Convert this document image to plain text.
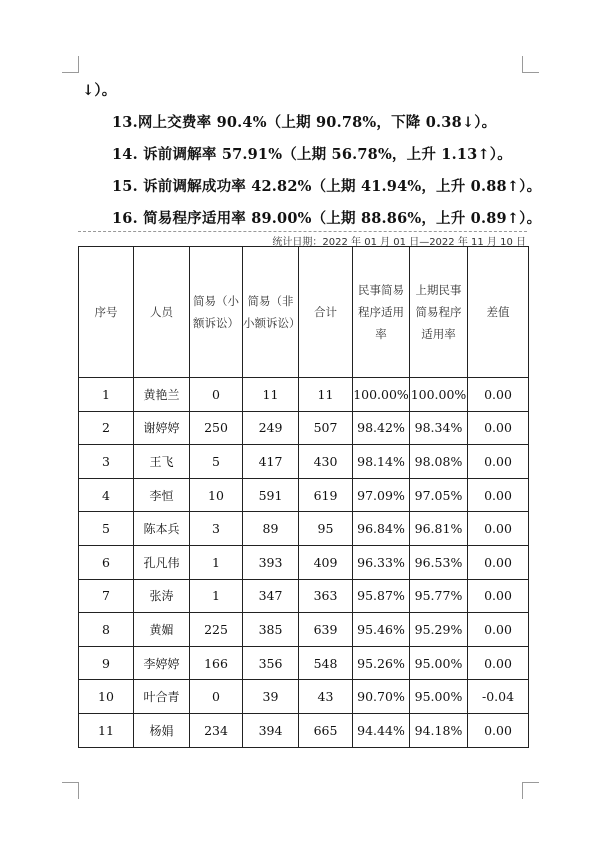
↓）。
13.网上交费率 90.4%（上期 90.78%，下降 0.38↓）。
14. 诉前调解率 57.91%（上期 56.78%，上升 1.13↑）。
15. 诉前调解成功率 42.82%（上期 41.94%，上升 0.88↑）。
16. 简易程序适用率 89.00%（上期 88.86%，上升 0.89↑）。
统计日期：2022 年 01 月 01 日—2022 年 11 月 10 日
序号	人员	简易（小额诉讼）	简易（非小额诉讼）	合计	民事简易程序适用率	上期民事简易程序适用率	差值
1	黄艳兰	0	11	11	100.00%	100.00%	0.00
2	谢婷婷	250	249	507	98.42%	98.34%	0.00
3	王飞	5	417	430	98.14%	98.08%	0.00
4	李恒	10	591	619	97.09%	97.05%	0.00
5	陈本兵	3	89	95	96.84%	96.81%	0.00
6	孔凡伟	1	393	409	96.33%	96.53%	0.00
7	张涛	1	347	363	95.87%	95.77%	0.00
8	黄媚	225	385	639	95.46%	95.29%	0.00
9	李婷婷	166	356	548	95.26%	95.00%	0.00
10	叶合青	0	39	43	90.70%	95.00%	-0.04
11	杨娟	234	394	665	94.44%	94.18%	0.00
